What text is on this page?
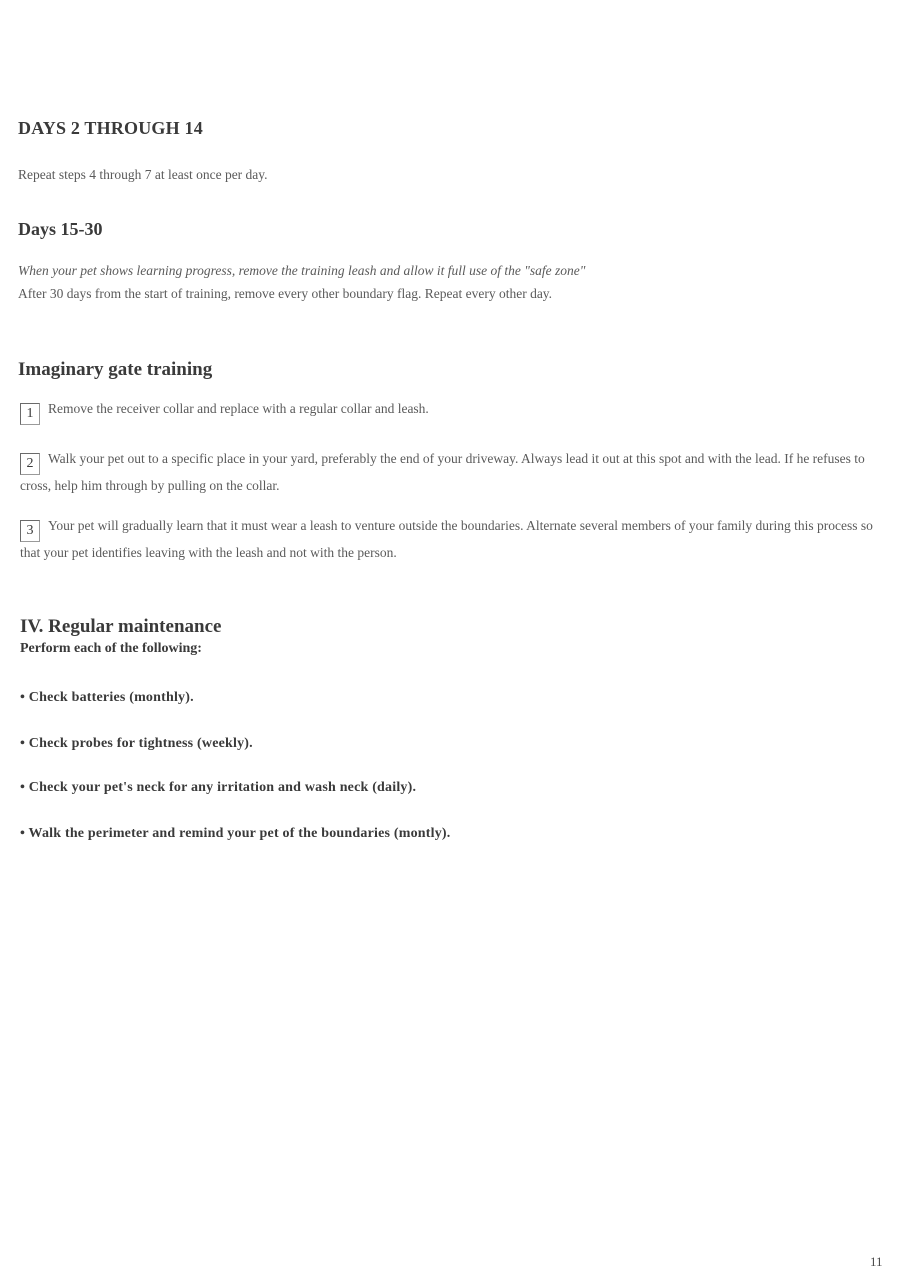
DAYS 2 THROUGH 14
Repeat steps 4 through 7 at least once per day.
Days 15-30
When your pet shows learning progress, remove the training leash and allow it full use of the "safe zone"
After 30 days from the start of training, remove every other boundary flag. Repeat every other day.
Imaginary gate training
1 Remove the receiver collar and replace with a regular collar and leash.
2 Walk your pet out to a specific place in your yard, preferably the end of your driveway. Always lead it out at this spot and with the lead. If he refuses to cross, help him through by pulling on the collar.
3 Your pet will gradually learn that it must wear a leash to venture outside the boundaries. Alternate several members of your family during this process so that your pet identifies leaving with the leash and not with the person.
IV. Regular maintenance
Perform each of the following:
• Check batteries (monthly).
• Check probes for tightness (weekly).
• Check your pet's neck for any irritation and wash neck (daily).
• Walk the perimeter and remind your pet of the boundaries (montly).
11
